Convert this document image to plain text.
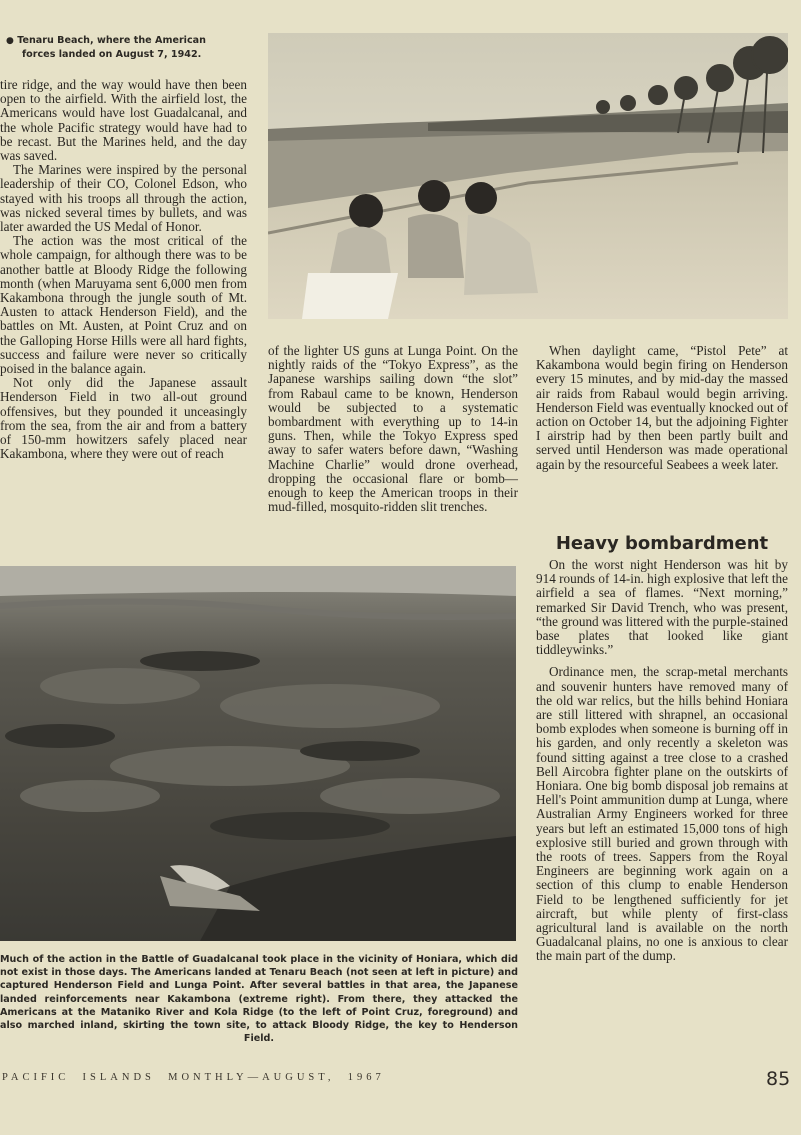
● Tenaru Beach, where the American
forces landed on August 7, 1942.

tire ridge, and the way would have then been open to the airfield. With the airfield lost, the Americans would have lost Guadalcanal, and the whole Pacific strategy would have had to be recast. But the Marines held, and the day was saved.

The Marines were inspired by the personal leadership of their CO, Colonel Edson, who stayed with his troops all through the action, was nicked several times by bullets, and was later awarded the US Medal of Honor.

The action was the most critical of the whole campaign, for although there was to be another battle at Bloody Ridge the following month (when Maruyama sent 6,000 men from Kakambona through the jungle south of Mt. Austen to attack Henderson Field), and the battles on Mt. Austen, at Point Cruz and on the Galloping Horse Hills were all hard fights, success and failure were never so critically poised in the balance again.

Not only did the Japanese assault Henderson Field in two all-out ground offensives, but they pounded it unceasingly from the sea, from the air and from a battery of 150-mm howitzers safely placed near Kakambona, where they were out of reach

of the lighter US guns at Lunga Point. On the nightly raids of the “Tokyo Express”, as the Japanese warships sailing down “the slot” from Rabaul came to be known, Henderson would be subjected to a systematic bombardment with everything up to 14-in guns. Then, while the Tokyo Express sped away to safer waters before dawn, “Washing Machine Charlie” would drone overhead, dropping the occasional flare or bomb—enough to keep the American troops in their mud-filled, mosquito-ridden slit trenches.

When daylight came, “Pistol Pete” at Kakambona would begin firing on Henderson every 15 minutes, and by mid-day the massed air raids from Rabaul would begin arriving. Henderson Field was eventually knocked out of action on October 14, but the adjoining Fighter I airstrip had by then been partly built and served until Henderson was made operational again by the resourceful Seabees a week later.

Heavy bombardment

On the worst night Henderson was hit by 914 rounds of 14-in. high explosive that left the airfield a sea of flames. “Next morning,” remarked Sir David Trench, who was present, “the ground was littered with the purple-stained base plates that looked like giant tiddleywinks.”

Ordinance men, the scrap-metal merchants and souvenir hunters have removed many of the old war relics, but the hills behind Honiara are still littered with shrapnel, an occasional bomb explodes when someone is burning off in his garden, and only recently a skeleton was found sitting against a tree close to a crashed Bell Aircobra fighter plane on the outskirts of Honiara. One big bomb disposal job remains at Hell's Point ammunition dump at Lunga, where Australian Army Engineers worked for three years but left an estimated 15,000 tons of high explosive still buried and grown through with the roots of trees. Sappers from the Royal Engineers are beginning work again on a section of this clump to enable Henderson Field to be lengthened sufficiently for jet aircraft, but while plenty of first-class agricultural land is available on the north Guadalcanal plains, no one is anxious to clear the main part of the dump.

Much of the action in the Battle of Guadalcanal took place in the vicinity of Honiara, which did not exist in those days. The Americans landed at Tenaru Beach (not seen at left in picture) and captured Henderson Field and Lunga Point. After several battles in that area, the Japanese landed reinforcements near Kakambona (extreme right). From there, they attacked the Americans at the Mataniko River and Kola Ridge (to the left of Point Cruz, foreground) and also marched inland, skirting the town site, to attack Bloody Ridge, the key to Henderson Field.
PACIFIC  ISLANDS  MONTHLY—AUGUST,  1967	85
